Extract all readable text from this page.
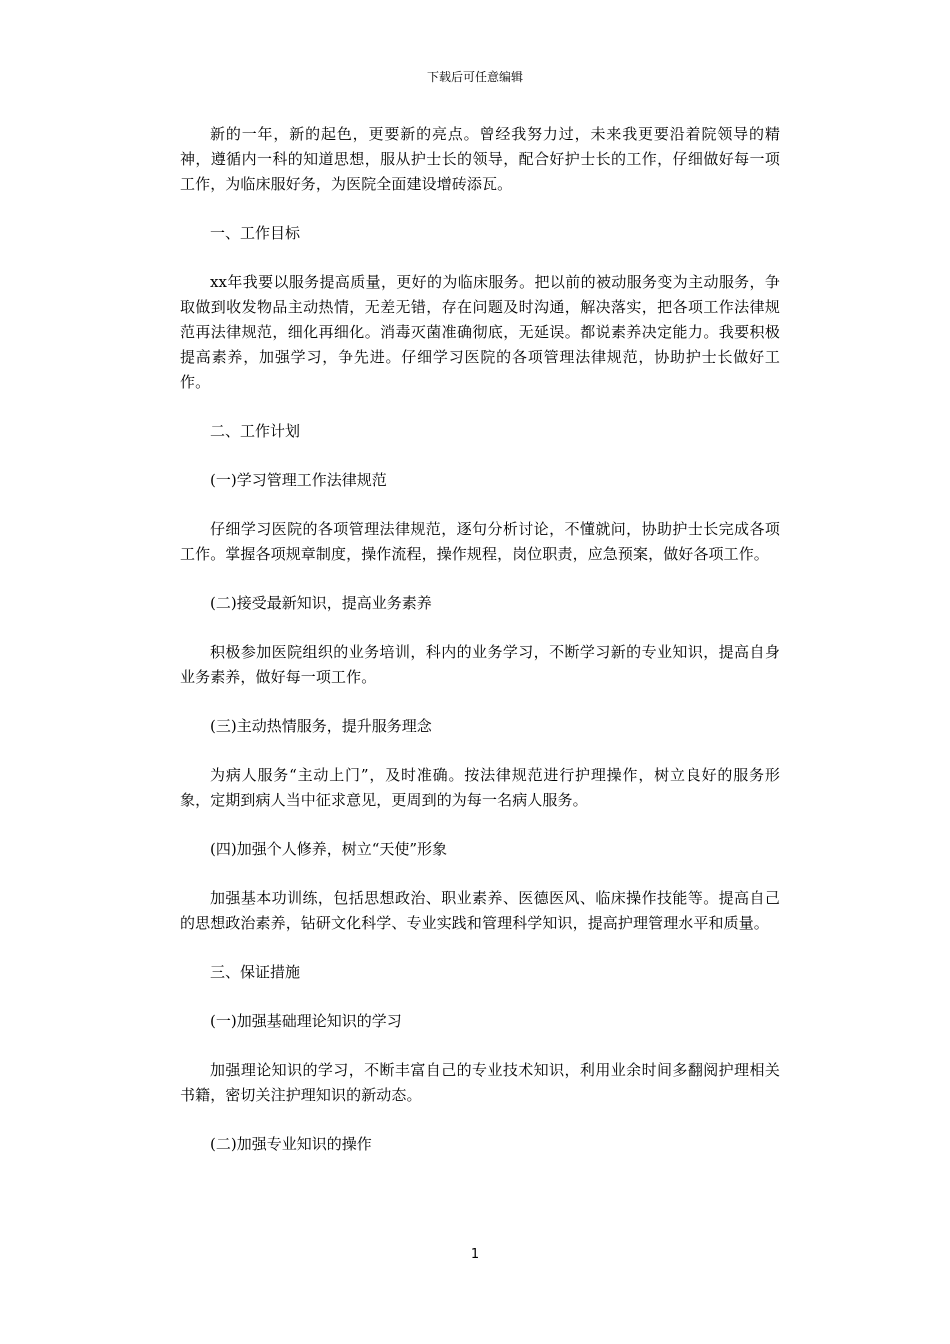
下载后可任意编辑

新的一年，新的起色，更要新的亮点。曾经我努力过，未来我更要沿着院领导的精神，遵循内一科的知道思想，服从护士长的领导，配合好护士长的工作，仔细做好每一项工作，为临床服好务，为医院全面建设增砖添瓦。

一、工作目标

xx年我要以服务提高质量，更好的为临床服务。把以前的被动服务变为主动服务，争取做到收发物品主动热情，无差无错，存在问题及时沟通，解决落实，把各项工作法律规范再法律规范，细化再细化。消毒灭菌准确彻底，无延误。都说素养决定能力。我要积极提高素养，加强学习，争先进。仔细学习医院的各项管理法律规范，协助护士长做好工作。

二、工作计划

(一)学习管理工作法律规范

仔细学习医院的各项管理法律规范，逐句分析讨论，不懂就问，协助护士长完成各项工作。掌握各项规章制度，操作流程，操作规程，岗位职责，应急预案，做好各项工作。

(二)接受最新知识，提高业务素养

积极参加医院组织的业务培训，科内的业务学习，不断学习新的专业知识，提高自身业务素养，做好每一项工作。

(三)主动热情服务，提升服务理念

为病人服务“主动上门”，及时准确。按法律规范进行护理操作，树立良好的服务形象，定期到病人当中征求意见，更周到的为每一名病人服务。

(四)加强个人修养，树立“天使”形象

加强基本功训练，包括思想政治、职业素养、医德医风、临床操作技能等。提高自己的思想政治素养，钻研文化科学、专业实践和管理科学知识，提高护理管理水平和质量。

三、保证措施

(一)加强基础理论知识的学习

加强理论知识的学习，不断丰富自己的专业技术知识，利用业余时间多翻阅护理相关书籍，密切关注护理知识的新动态。

(二)加强专业知识的操作

1
